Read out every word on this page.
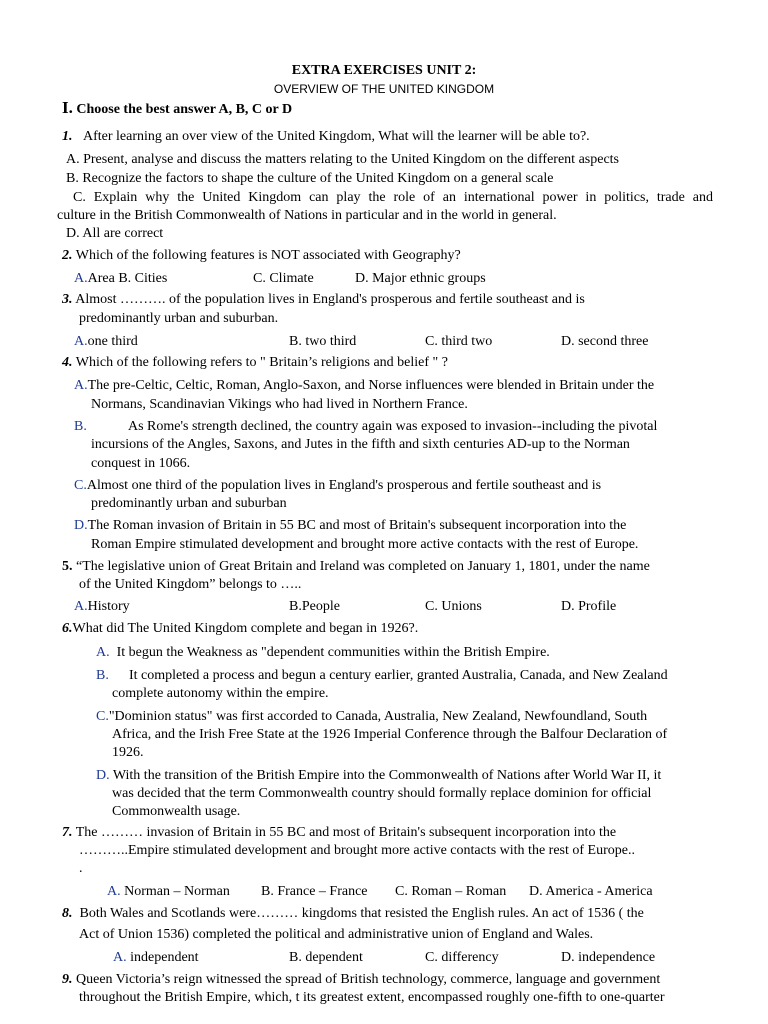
EXTRA EXERCISES UNIT 2:
OVERVIEW OF THE UNITED KINGDOM
I. Choose the best answer A, B, C or D
1. After learning an over view of the United Kingdom, What will the learner will be able to?.
A. Present, analyse and discuss the matters relating to the United Kingdom on the different aspects
B. Recognize the factors to shape the culture of the United Kingdom on a general scale
C. Explain why the United Kingdom can play the role of an international power in politics, trade and
culture in the British Commonwealth of Nations in particular and in the world in general.
D. All are correct
2. Which of the following features is NOT associated with Geography?
A.Area B. Cities	C. Climate	D. Major ethnic groups
3. Almost ………. of the population lives in England's prosperous and fertile southeast and is
predominantly urban and suburban.
A.one third	B. two third	C. third two	D. second three
4. Which of the following refers to " Britain’s religions and belief " ?
A.The pre-Celtic, Celtic, Roman, Anglo-Saxon, and Norse influences were blended in Britain under the
Normans, Scandinavian Vikings who had lived in Northern France.
B.	As Rome's strength declined, the country again was exposed to invasion--including the pivotal
incursions of the Angles, Saxons, and Jutes in the fifth and sixth centuries AD-up to the Norman
conquest in 1066.
C.Almost one third of the population lives in England's prosperous and fertile southeast and is
predominantly urban and suburban
D.The Roman invasion of Britain in 55 BC and most of Britain's subsequent incorporation into the
Roman Empire stimulated development and brought more active contacts with the rest of Europe.
5. “The legislative union of Great Britain and Ireland was completed on January 1, 1801, under the name
of the United Kingdom” belongs to …..
A.History	B.People	C. Unions	D. Profile
6.What did The United Kingdom complete and began in 1926?.
A. It begun the Weakness as "dependent communities within the British Empire.
B. It completed a process and begun a century earlier, granted Australia, Canada, and New Zealand
complete autonomy within the empire.
C."Dominion status" was first accorded to Canada, Australia, New Zealand, Newfoundland, South
Africa, and the Irish Free State at the 1926 Imperial Conference through the Balfour Declaration of
1926.
D. With the transition of the British Empire into the Commonwealth of Nations after World War II, it
was decided that the term Commonwealth country should formally replace dominion for official
Commonwealth usage.
7. The ……… invasion of Britain in 55 BC and most of Britain's subsequent incorporation into the
………..Empire stimulated development and brought more active contacts with the rest of Europe..
.
A. Norman – Norman B. France – France C. Roman – Roman D. America - America
8. Both Wales and Scotlands were……… kingdoms that resisted the English rules. An act of 1536 ( the
Act of Union 1536) completed the political and administrative union of England and Wales.
A. independent	B. dependent	C. differency	D. independence
9. Queen Victoria’s reign witnessed the spread of British technology, commerce, language and government
throughout the British Empire, which, t its greatest extent, encompassed roughly one-fifth to one-quarter
